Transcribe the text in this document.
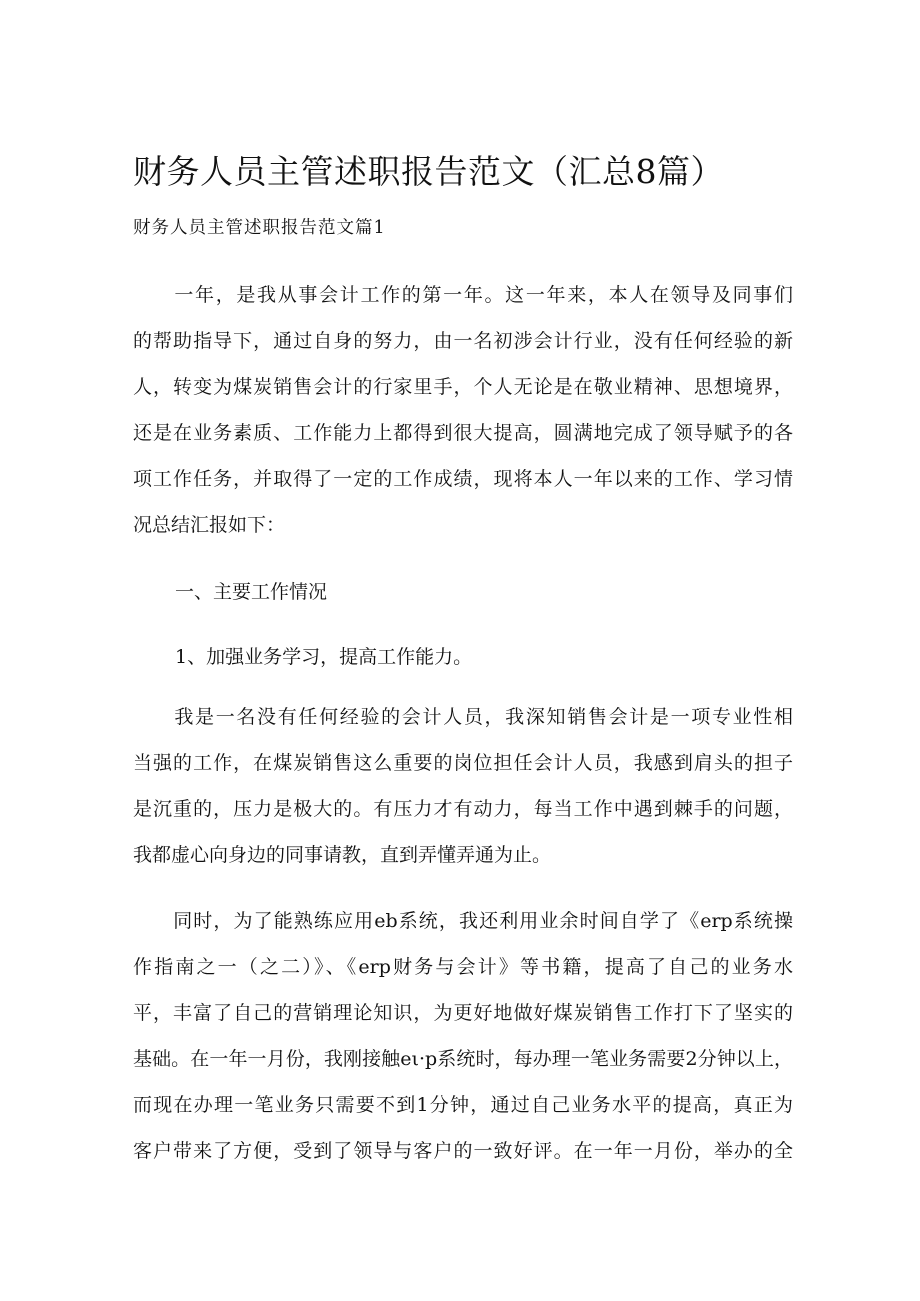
财务人员主管述职报告范文（汇总8篇）
财务人员主管述职报告范文篇1
　　一年，是我从事会计工作的第一年。这一年来，本人在领导及同事们
的帮助指导下，通过自身的努力，由一名初涉会计行业，没有任何经验的新
人，转变为煤炭销售会计的行家里手，个人无论是在敬业精神、思想境界，
还是在业务素质、工作能力上都得到很大提高，圆满地完成了领导赋予的各
项工作任务，并取得了一定的工作成绩，现将本人一年以来的工作、学习情
况总结汇报如下：
一、主要工作情况
1、加强业务学习，提高工作能力。
　　我是一名没有任何经验的会计人员，我深知销售会计是一项专业性相
当强的工作，在煤炭销售这么重要的岗位担任会计人员，我感到肩头的担子
是沉重的，压力是极大的。有压力才有动力，每当工作中遇到棘手的问题，
我都虚心向身边的同事请教，直到弄懂弄通为止。
　　同时，为了能熟练应用eb系统，我还利用业余时间自学了《erp系统操
作指南之一（之二）》、《erp财务与会计》等书籍，提高了自己的业务水
平，丰富了自己的营销理论知识，为更好地做好煤炭销售工作打下了坚实的
基础。在一年一月份，我刚接触eι·p系统时，每办理一笔业务需要2分钟以上，
而现在办理一笔业务只需要不到1分钟，通过自己业务水平的提高，真正为
客户带来了方便，受到了领导与客户的一致好评。在一年一月份，举办的全
